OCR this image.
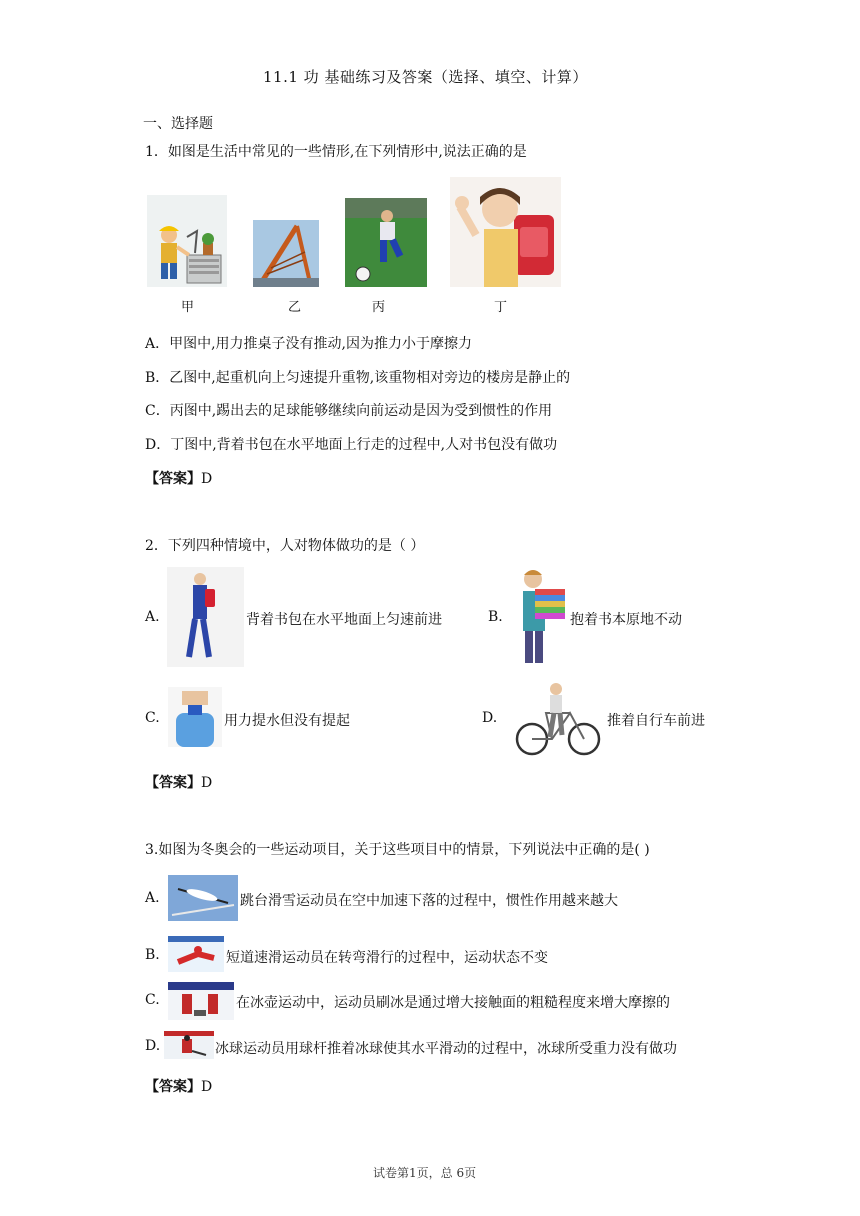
11.1 功 基础练习及答案（选择、填空、计算）
一、选择题
1．如图是生活中常见的一些情形,在下列情形中,说法正确的是
甲	乙	丙	丁
A．甲图中,用力推桌子没有推动,因为推力小于摩擦力
B．乙图中,起重机向上匀速提升重物,该重物相对旁边的楼房是静止的
C．丙图中,踢出去的足球能够继续向前运动是因为受到惯性的作用
D．丁图中,背着书包在水平地面上行走的过程中,人对书包没有做功
【答案】D
2．下列四种情境中，人对物体做功的是（ ）
A.	背着书包在水平地面上匀速前进	B.	抱着书本原地不动
C.	用力提水但没有提起	D.	推着自行车前进
【答案】D
3.如图为冬奥会的一些运动项目，关于这些项目中的情景，下列说法中正确的是( )
A.	跳台滑雪运动员在空中加速下落的过程中，惯性作用越来越大
B.	短道速滑运动员在转弯滑行的过程中，运动状态不变
C.	在冰壶运动中，运动员刷冰是通过增大接触面的粗糙程度来增大摩擦的
D.	冰球运动员用球杆推着冰球使其水平滑动的过程中，冰球所受重力没有做功
【答案】D
试卷第1页，总 6页
